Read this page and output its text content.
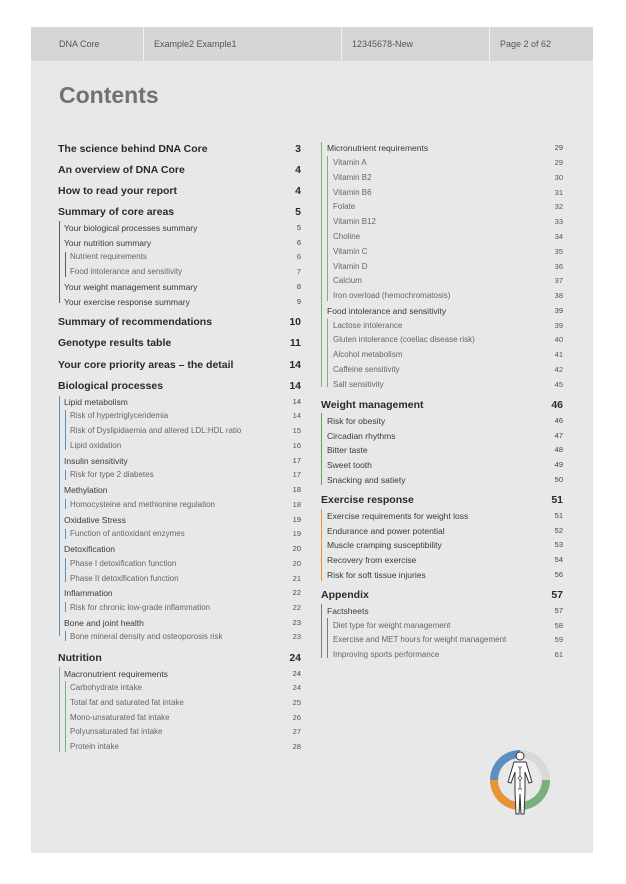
DNA Core	Example2 Example1	12345678-New	Page 2 of 62
Contents
The science behind DNA Core	3
An overview of DNA Core	4
How to read your report	4
Summary of core areas	5
Your biological processes summary	5
Your nutrition summary	6
Nutrient requirements	6
Food intolerance and sensitivity	7
Your weight management summary	8
Your exercise response summary	9
Summary of recommendations	10
Genotype results table	11
Your core priority areas – the detail	14
Biological processes	14
Lipid metabolism	14
Risk of hypertriglyceridemia	14
Risk of Dyslipidaemia and altered LDL:HDL ratio	15
Lipid oxidation	16
Insulin sensitivity	17
Risk for type 2 diabetes	17
Methylation	18
Homocysteine and methionine regulation	18
Oxidative Stress	19
Function of antioxidant enzymes	19
Detoxification	20
Phase I detoxification function	20
Phase II detoxification function	21
Inflammation	22
Risk for chronic low-grade inflammation	22
Bone and joint health	23
Bone mineral density and osteoporosis risk	23
Nutrition	24
Macronutrient requirements	24
Carbohydrate intake	24
Total fat and saturated fat intake	25
Mono-unsaturated fat intake	26
Polyunsaturated fat intake	27
Protein intake	28
Micronutrient requirements	29
Vitamin A	29
Vitamin B2	30
Vitamin B6	31
Folate	32
Vitamin B12	33
Choline	34
Vitamin C	35
Vitamin D	36
Calcium	37
Iron overload (hemochromatosis)	38
Food intolerance and sensitivity	39
Lactose intolerance	39
Gluten intolerance (coeliac disease risk)	40
Alcohol metabolism	41
Caffeine sensitivity	42
Salt sensitivity	45
Weight management	46
Risk for obesity	46
Circadian rhythms	47
Bitter taste	48
Sweet tooth	49
Snacking and satiety	50
Exercise response	51
Exercise requirements for weight loss	51
Endurance and power potential	52
Muscle cramping susceptibility	53
Recovery from exercise	54
Risk for soft tissue injuries	56
Appendix	57
Factsheets	57
Diet type for weight management	58
Exercise and MET hours for weight management	59
Improving sports performance	61
